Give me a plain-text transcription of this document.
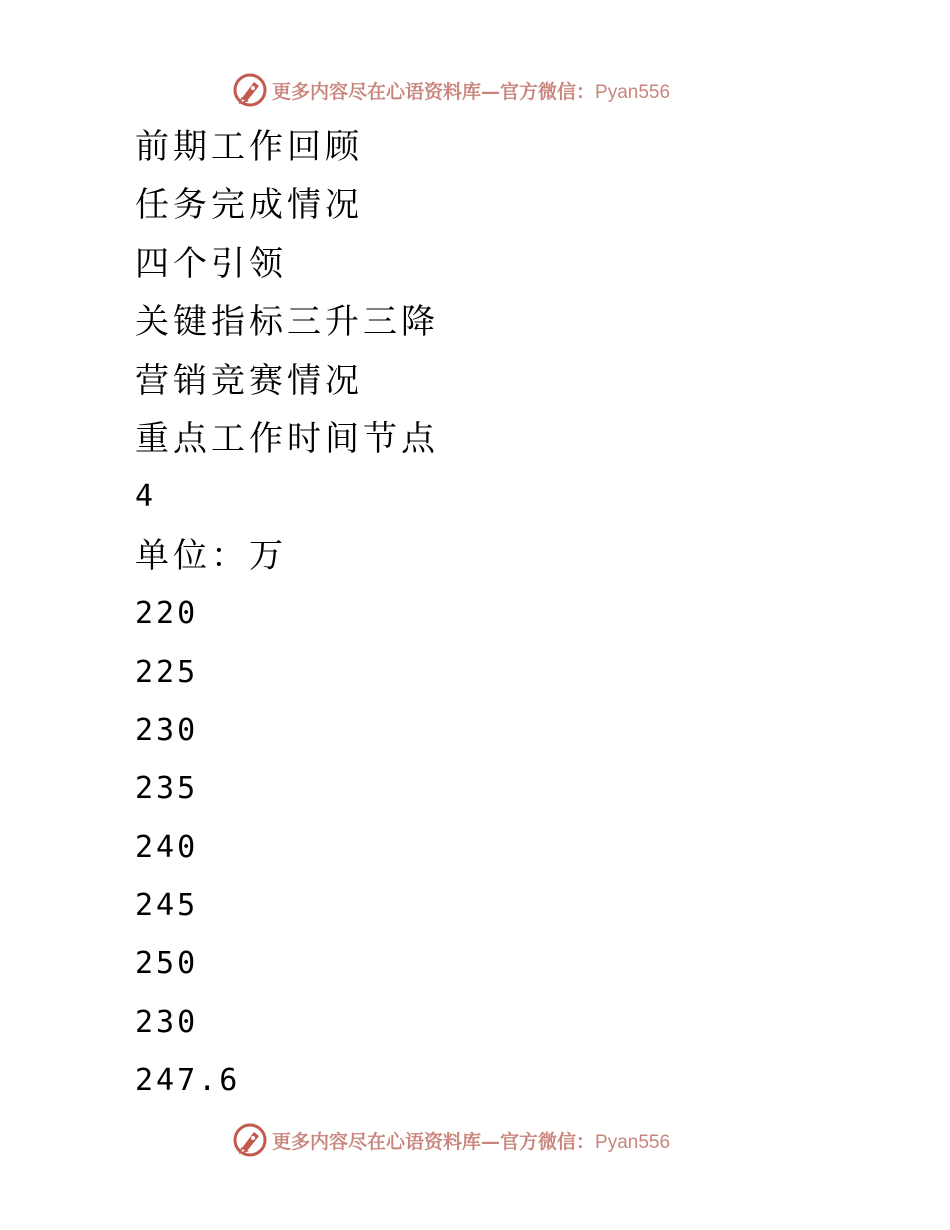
更多内容尽在心语资料库—官方微信：Pyan556
前期工作回顾
任务完成情况
四个引领
关键指标三升三降
营销竞赛情况
重点工作时间节点
4
单位：万
220
225
230
235
240
245
250
230
247.6
更多内容尽在心语资料库—官方微信：Pyan556
